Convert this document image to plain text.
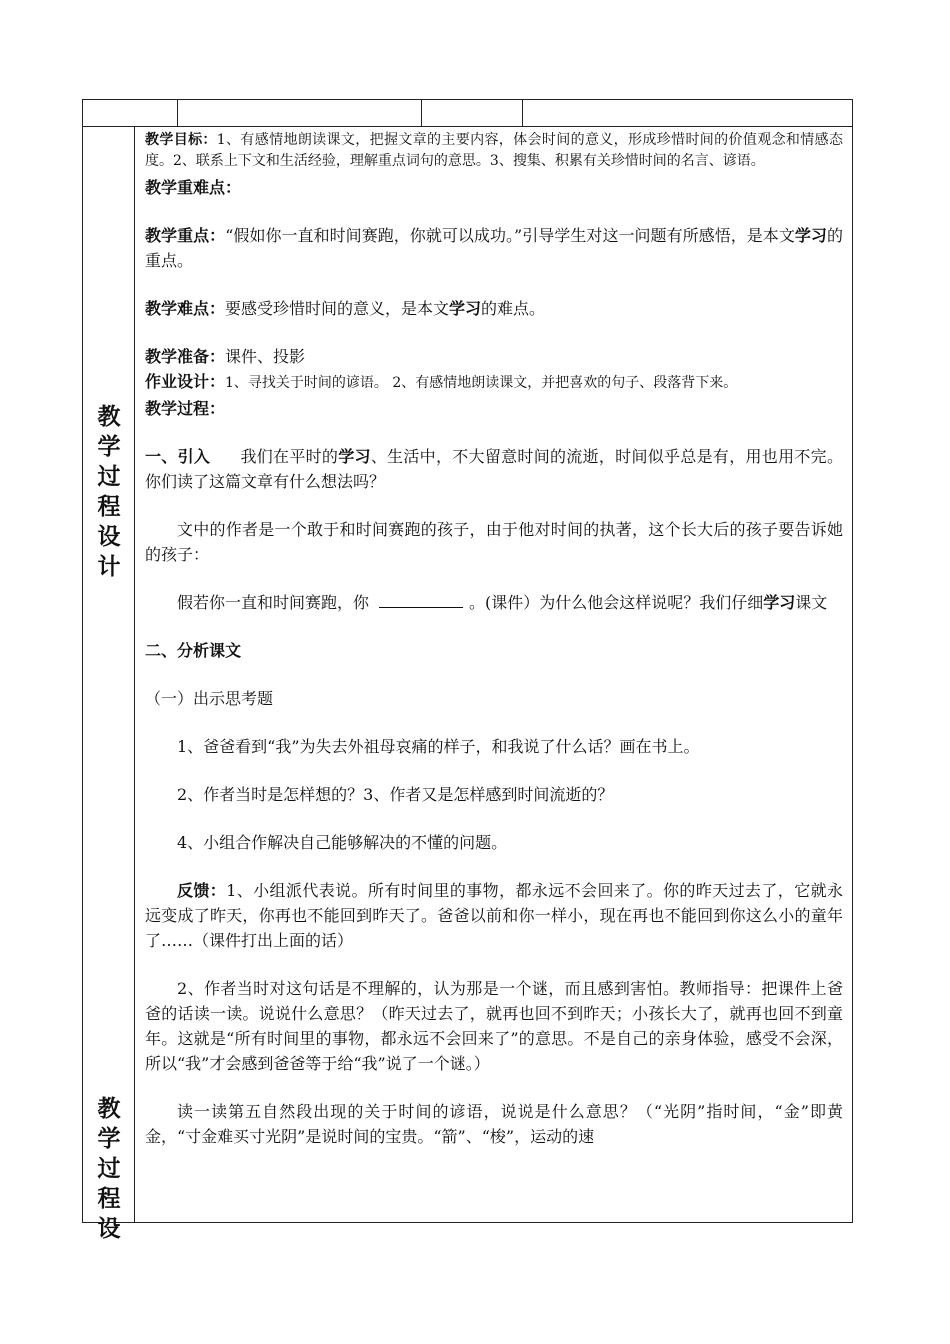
教
学
过
程
设
计
教
学
过
程
设

教学目标：1、有感情地朗读课文，把握文章的主要内容，体会时间的意义，形成珍惜时间的价值观念和情感态度。2、联系上下文和生活经验，理解重点词句的意思。3、搜集、积累有关珍惜时间的名言、谚语。

教学重难点：

教学重点：“假如你一直和时间赛跑，你就可以成功。”引导学生对这一问题有所感悟，是本文学习的重点。

教学难点：要感受珍惜时间的意义，是本文学习的难点。

教学准备：课件、投影

作业设计：1、寻找关于时间的谚语。 2、有感情地朗读课文，并把喜欢的句子、段落背下来。

教学过程：

一、引入 我们在平时的学习、生活中，不大留意时间的流逝，时间似乎总是有，用也用不完。你们读了这篇文章有什么想法吗？

文中的作者是一个敢于和时间赛跑的孩子，由于他对时间的执著，这个长大后的孩子要告诉她的孩子：

假若你一直和时间赛跑，你	。(课件）为什么他会这样说呢？我们仔细学习课文

二、分析课文

（一）出示思考题

1、爸爸看到“我”为失去外祖母哀痛的样子，和我说了什么话？画在书上。

2、作者当时是怎样想的？3、作者又是怎样感到时间流逝的？

4、小组合作解决自己能够解决的不懂的问题。

反馈：1、小组派代表说。所有时间里的事物，都永远不会回来了。你的昨天过去了，它就永远变成了昨天，你再也不能回到昨天了。爸爸以前和你一样小，现在再也不能回到你这么小的童年了……（课件打出上面的话）

2、作者当时对这句话是不理解的，认为那是一个谜，而且感到害怕。教师指导：把课件上爸爸的话读一读。说说什么意思？（昨天过去了，就再也回不到昨天；小孩长大了，就再也回不到童年。这就是“所有时间里的事物，都永远不会回来了”的意思。不是自己的亲身体验，感受不会深，所以“我”才会感到爸爸等于给“我”说了一个谜。）

读一读第五自然段出现的关于时间的谚语，说说是什么意思？（“光阴”指时间，“金”即黄金，“寸金难买寸光阴”是说时间的宝贵。“箭”、“梭”，运动的速
